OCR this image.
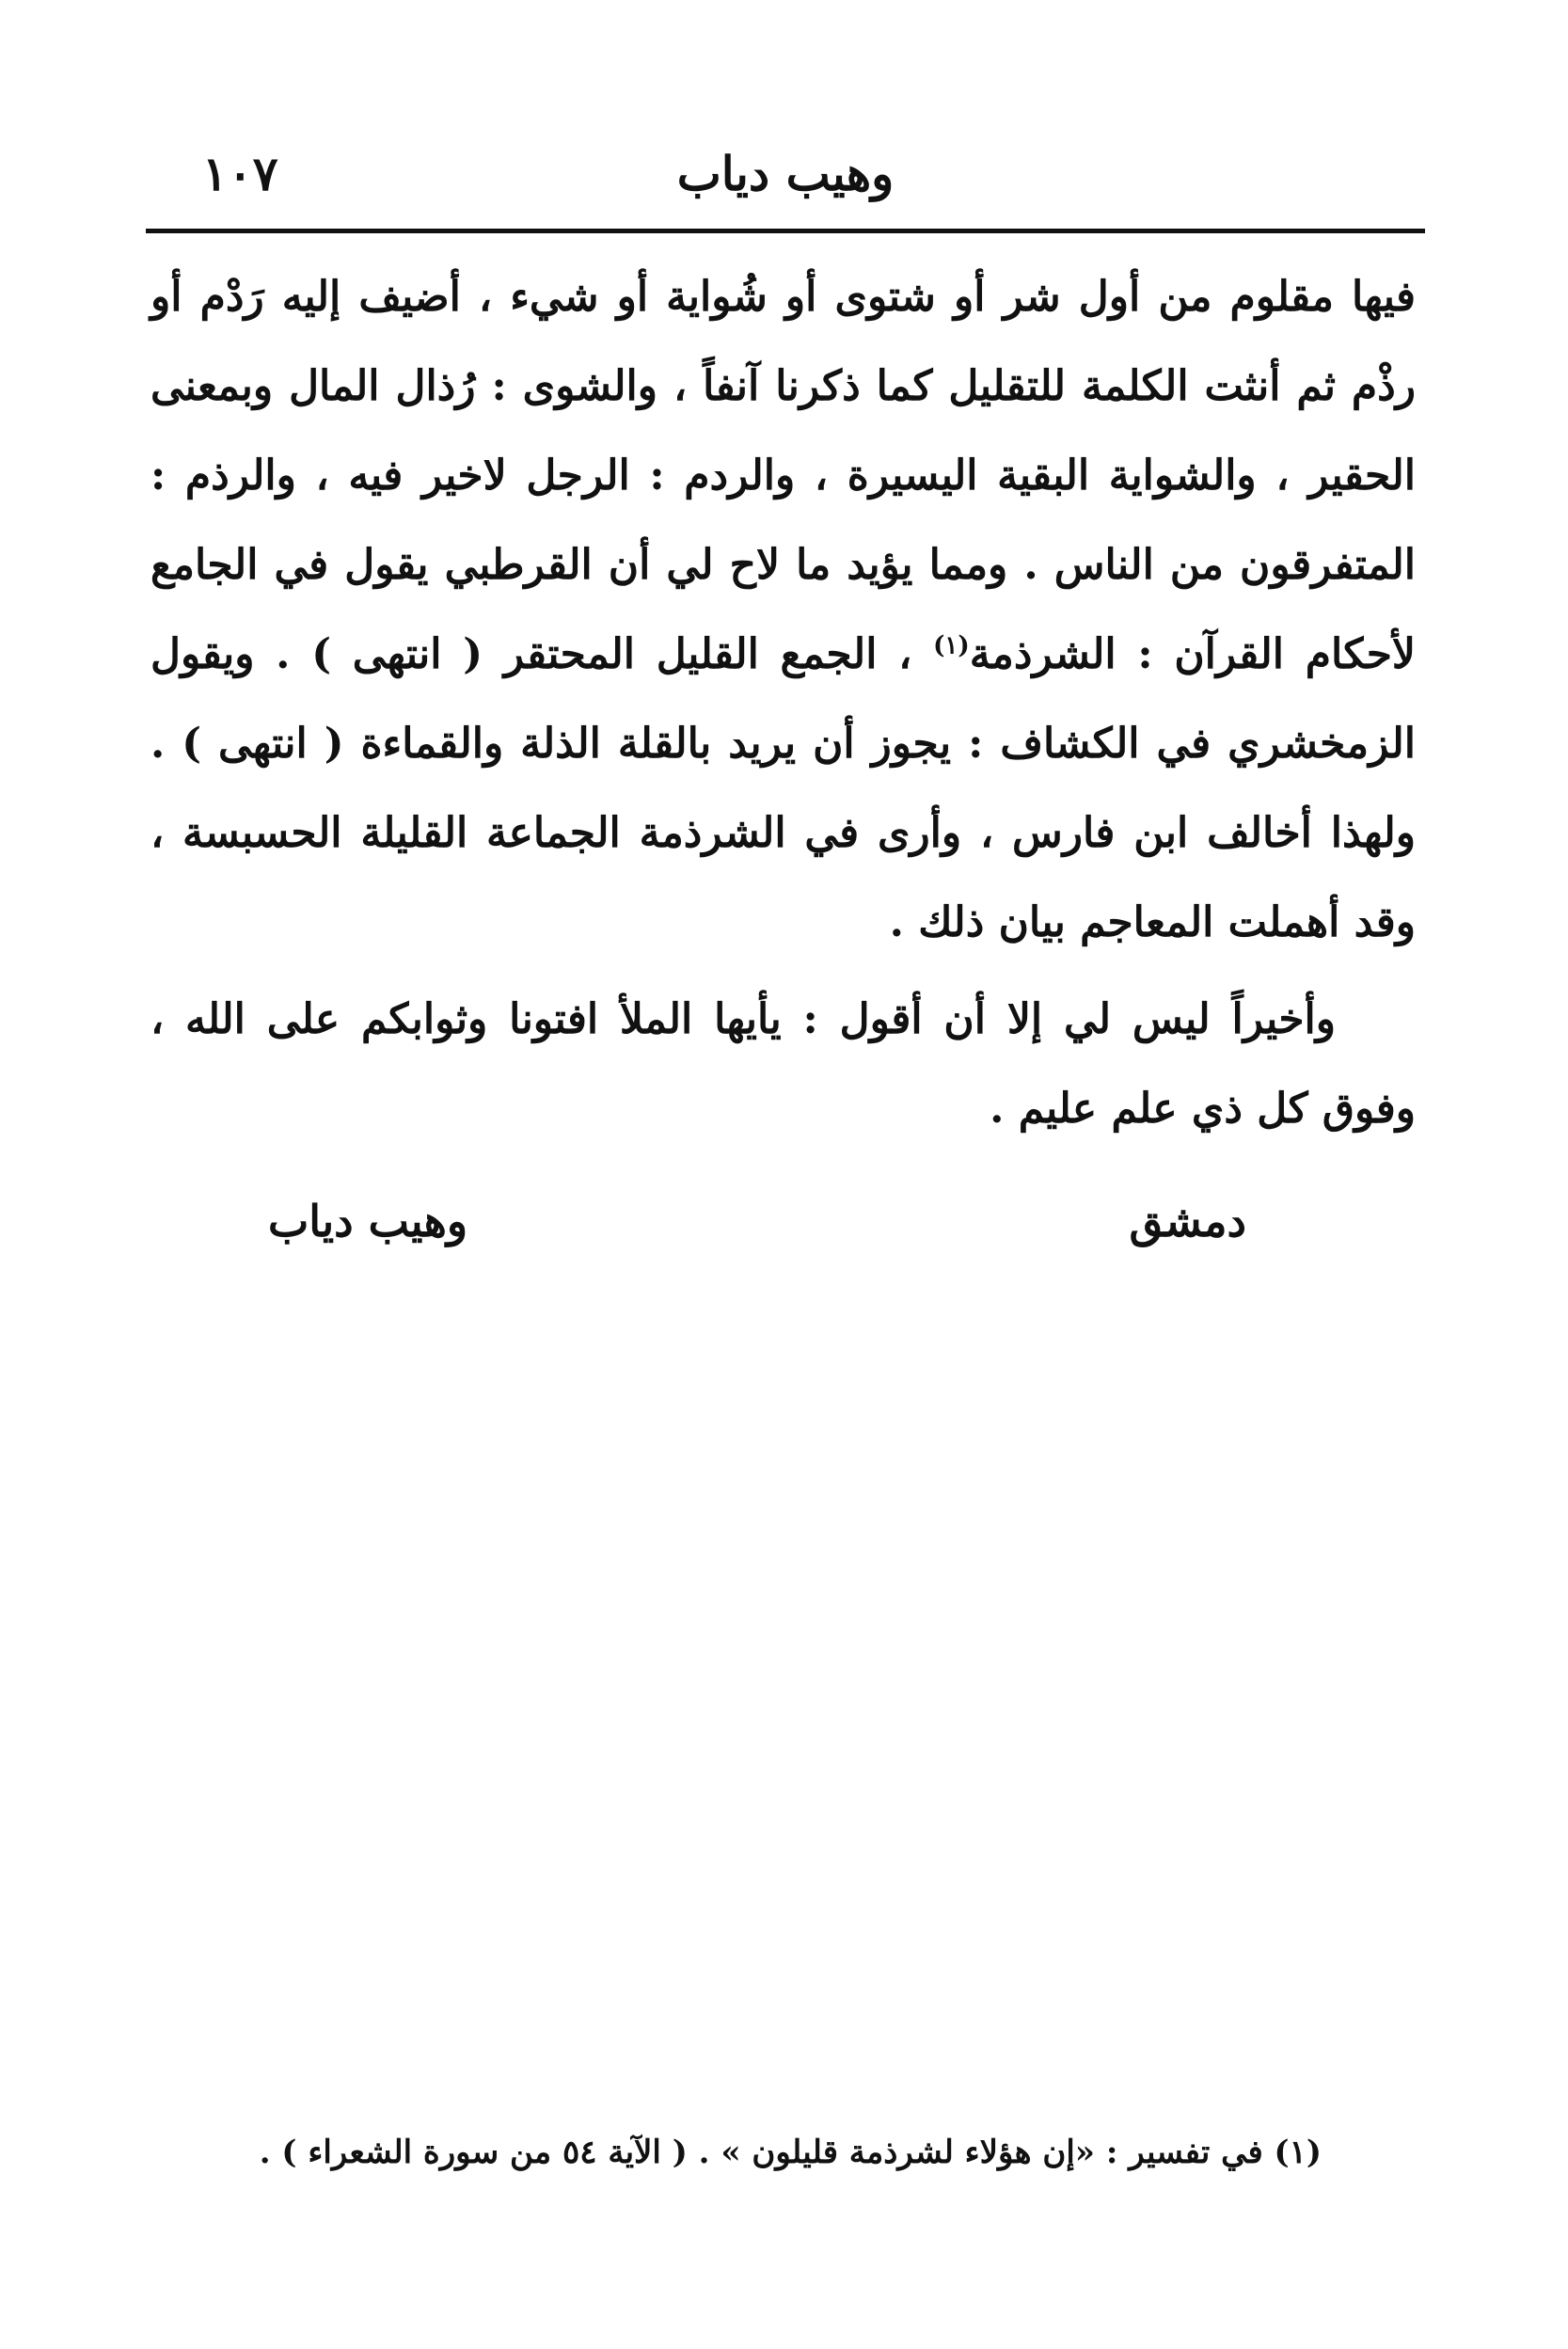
وهيب دياب
١٠٧

فيها مقلوم من أول شر أو شتوى أو شُواية أو شيء ، أضيف إليه رَدْم أو رذْم ثم أنثت الكلمة للتقليل كما ذكرنا آنفاً ، والشوى : رُذال المال وبمعنى الحقير ، والشواية البقية اليسيرة ، والردم : الرجل لاخير فيه ، والرذم : المتفرقون من الناس . ومما يؤيد ما لاح لي أن القرطبي يقول في الجامع لأحكام القرآن : الشرذمة$^{(١)}$ ، الجمع القليل المحتقر ( انتهى ) . ويقول الزمخشري في الكشاف : يجوز أن يريد بالقلة الذلة والقماءة ( انتهى ) . ولهذا أخالف ابن فارس ، وأرى في الشرذمة الجماعة القليلة الحسبسة ، وقد أهملت المعاجم بيان ذلك .

وأخيراً ليس لي إلا أن أقول : يأيها الملأ افتونا وثوابكم على الله ، وفوق كل ذي علم عليم .

دمشق
وهيب دياب
(١) في تفسير : «إن هؤلاء لشرذمة قليلون » . ( الآية ٥٤ من سورة الشعراء ) .
